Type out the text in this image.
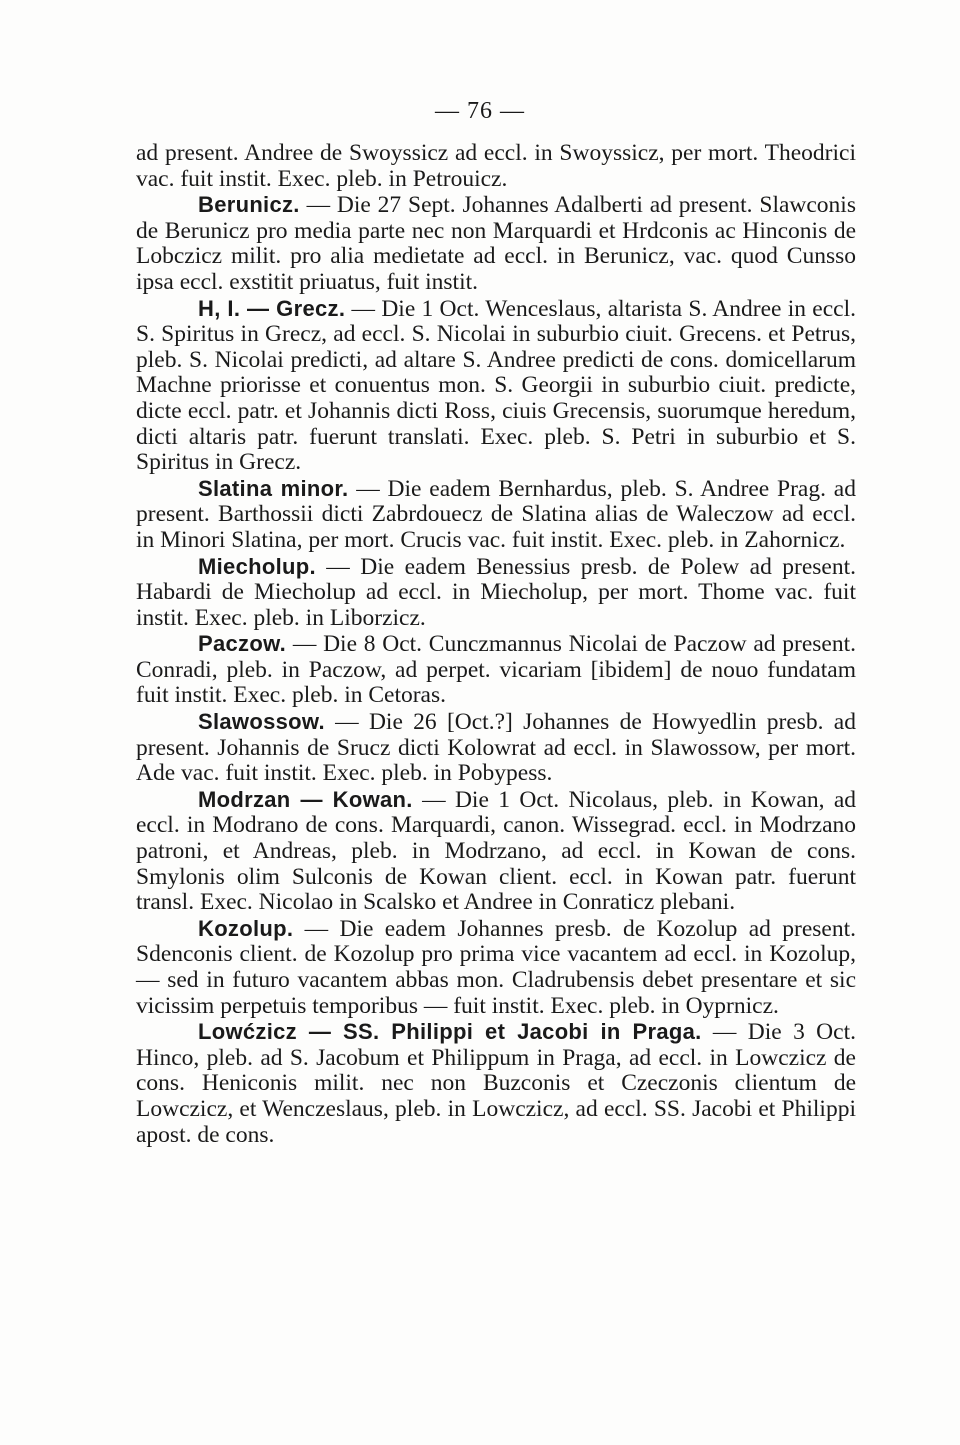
— 76 —

ad present. Andree de Swoyssicz ad eccl. in Swoyssicz, per mort. Theodrici vac. fuit instit. Exec. pleb. in Petrouicz.

Berunicz. — Die 27 Sept. Johannes Adalberti ad present. Slawconis de Berunicz pro media parte nec non Marquardi et Hrdconis ac Hinconis de Lobczicz milit. pro alia medietate ad eccl. in Berunicz, vac. quod Cunsso ipsa eccl. exstitit priuatus, fuit instit.

H, I. — Grecz. — Die 1 Oct. Wenceslaus, altarista S. Andree in eccl. S. Spiritus in Grecz, ad eccl. S. Nicolai in suburbio ciuit. Grecens. et Petrus, pleb. S. Nicolai predicti, ad altare S. Andree predicti de cons. domicellarum Machne priorisse et conuentus mon. S. Georgii in suburbio ciuit. predicte, dicte eccl. patr. et Johannis dicti Ross, ciuis Grecensis, suorumque heredum, dicti altaris patr. fuerunt translati. Exec. pleb. S. Petri in suburbio et S. Spiritus in Grecz.

Slatina minor. — Die eadem Bernhardus, pleb. S. Andree Prag. ad present. Barthossii dicti Zabrdouecz de Slatina alias de Waleczow ad eccl. in Minori Slatina, per mort. Crucis vac. fuit instit. Exec. pleb. in Zahornicz.

Miecholup. — Die eadem Benessius presb. de Polew ad present. Habardi de Miecholup ad eccl. in Miecholup, per mort. Thome vac. fuit instit. Exec. pleb. in Liborzicz.

Paczow. — Die 8 Oct. Cunczmannus Nicolai de Paczow ad present. Conradi, pleb. in Paczow, ad perpet. vicariam [ibidem] de nouo fundatam fuit instit. Exec. pleb. in Cetoras.

Slawossow. — Die 26 [Oct.?] Johannes de Howyedlin presb. ad present. Johannis de Srucz dicti Kolowrat ad eccl. in Slawossow, per mort. Ade vac. fuit instit. Exec. pleb. in Pobypess.

Modrzan — Kowan. — Die 1 Oct. Nicolaus, pleb. in Kowan, ad eccl. in Modrano de cons. Marquardi, canon. Wissegrad. eccl. in Modrzano patroni, et Andreas, pleb. in Modrzano, ad eccl. in Kowan de cons. Smylonis olim Sulconis de Kowan client. eccl. in Kowan patr. fuerunt transl. Exec. Nicolao in Scalsko et Andree in Conraticz plebani.

Kozolup. — Die eadem Johannes presb. de Kozolup ad present. Sdenconis client. de Kozolup pro prima vice vacantem ad eccl. in Kozolup, — sed in futuro vacantem abbas mon. Cladrubensis debet presentare et sic vicissim perpetuis temporibus — fuit instit. Exec. pleb. in Oyprnicz.

Lowćzicz — SS. Philippi et Jacobi in Praga. — Die 3 Oct. Hinco, pleb. ad S. Jacobum et Philippum in Praga, ad eccl. in Lowczicz de cons. Heniconis milit. nec non Buzconis et Czeczonis clientum de Lowczicz, et Wenczeslaus, pleb. in Lowczicz, ad eccl. SS. Jacobi et Philippi apost. de cons.
